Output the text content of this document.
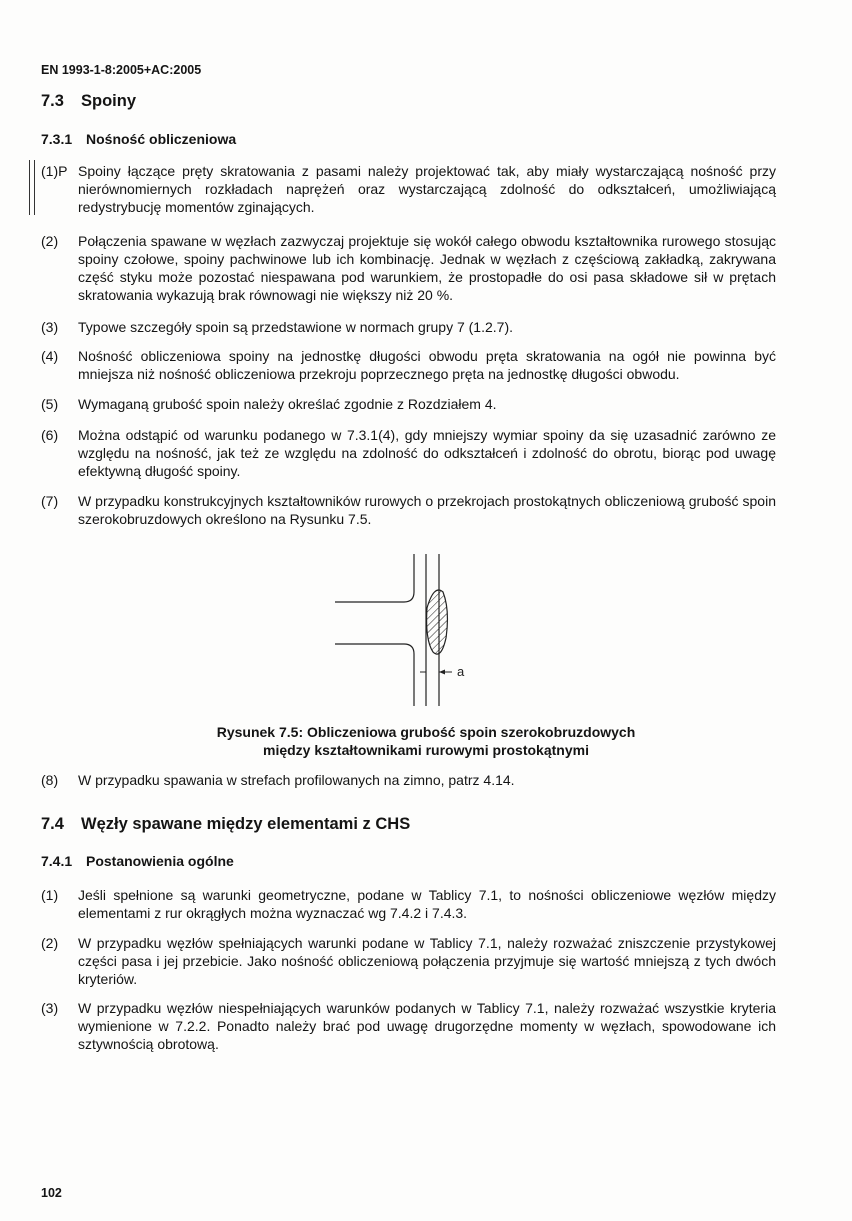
EN 1993-1-8:2005+AC:2005
7.3 Spoiny
7.3.1 Nośność obliczeniowa
(1)P Spoiny łączące pręty skratowania z pasami należy projektować tak, aby miały wystarczającą nośność przy nierównomiernych rozkładach naprężeń oraz wystarczającą zdolność do odkształceń, umożliwiającą redystrybucję momentów zginających.
(2) Połączenia spawane w węzłach zazwyczaj projektuje się wokół całego obwodu kształtownika rurowego stosując spoiny czołowe, spoiny pachwinowe lub ich kombinację. Jednak w węzłach z częściową zakładką, zakrywana część styku może pozostać niespawana pod warunkiem, że prostopadłe do osi pasa składowe sił w prętach skratowania wykazują brak równowagi nie większy niż 20 %.
(3) Typowe szczegóły spoin są przedstawione w normach grupy 7 (1.2.7).
(4) Nośność obliczeniowa spoiny na jednostkę długości obwodu pręta skratowania na ogół nie powinna być mniejsza niż nośność obliczeniowa przekroju poprzecznego pręta na jednostkę długości obwodu.
(5) Wymaganą grubość spoin należy określać zgodnie z Rozdziałem 4.
(6) Można odstąpić od warunku podanego w 7.3.1(4), gdy mniejszy wymiar spoiny da się uzasadnić zarówno ze względu na nośność, jak też ze względu na zdolność do odkształceń i zdolność do obrotu, biorąc pod uwagę efektywną długość spoiny.
(7) W przypadku konstrukcyjnych kształtowników rurowych o przekrojach prostokątnych obliczeniową grubość spoin szerokobruzdowych określono na Rysunku 7.5.
a
Rysunek 7.5: Obliczeniowa grubość spoin szerokobruzdowych
między kształtownikami rurowymi prostokątnymi
(8) W przypadku spawania w strefach profilowanych na zimno, patrz 4.14.
7.4 Węzły spawane między elementami z CHS
7.4.1 Postanowienia ogólne
(1) Jeśli spełnione są warunki geometryczne, podane w Tablicy 7.1, to nośności obliczeniowe węzłów między elementami z rur okrągłych można wyznaczać wg 7.4.2 i 7.4.3.
(2) W przypadku węzłów spełniających warunki podane w Tablicy 7.1, należy rozważać zniszczenie przystykowej części pasa i jej przebicie. Jako nośność obliczeniową połączenia przyjmuje się wartość mniejszą z tych dwóch kryteriów.
(3) W przypadku węzłów niespełniających warunków podanych w Tablicy 7.1, należy rozważać wszystkie kryteria wymienione w 7.2.2. Ponadto należy brać pod uwagę drugorzędne momenty w węzłach, spowodowane ich sztywnością obrotową.
102
